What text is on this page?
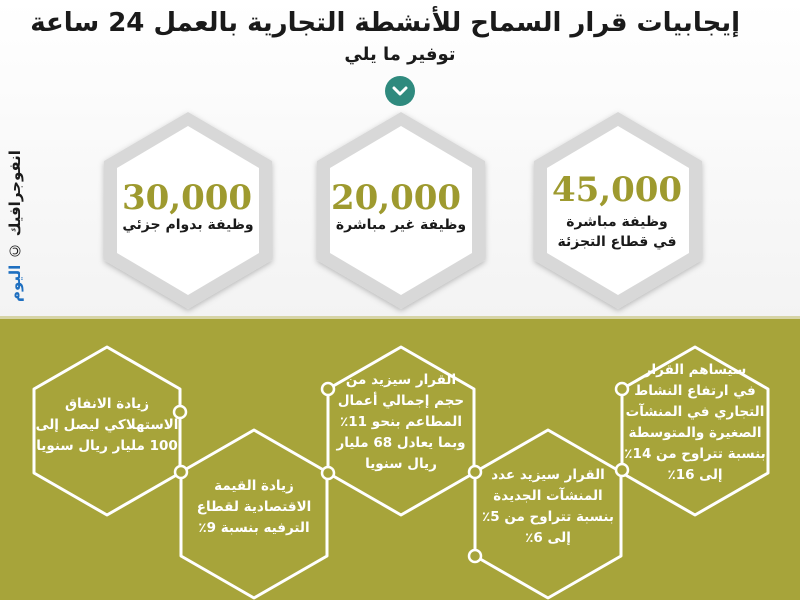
إيجابيات قرار السماح للأنشطة التجارية بالعمل 24 ساعة
توفير ما يلي
45,000
وظيفة مباشرة
في قطاع التجزئة
20,000
وظيفة غير مباشرة
30,000
وظيفة بدوام جزئي
سيساهم القرار
في ارتفاع النشاط
التجاري في المنشآت
الصغيرة والمتوسطة
بنسبة تتراوح من 14٪
إلى 16٪
القرار سيزيد عدد
المنشآت الجديدة
بنسبة تتراوح من 5٪
إلى 6٪
القرار سيزيد من
حجم إجمالي أعمال
المطاعم بنحو 11٪
وبما يعادل 68 مليار
ريال سنويا
زيادة القيمة
الاقتصادية لقطاع
الترفيه بنسبة 9٪
زيادة الانفاق
الاستهلاكي ليصل إلى
100 مليار ريال سنويا
انفوجرافيك © اليوم
